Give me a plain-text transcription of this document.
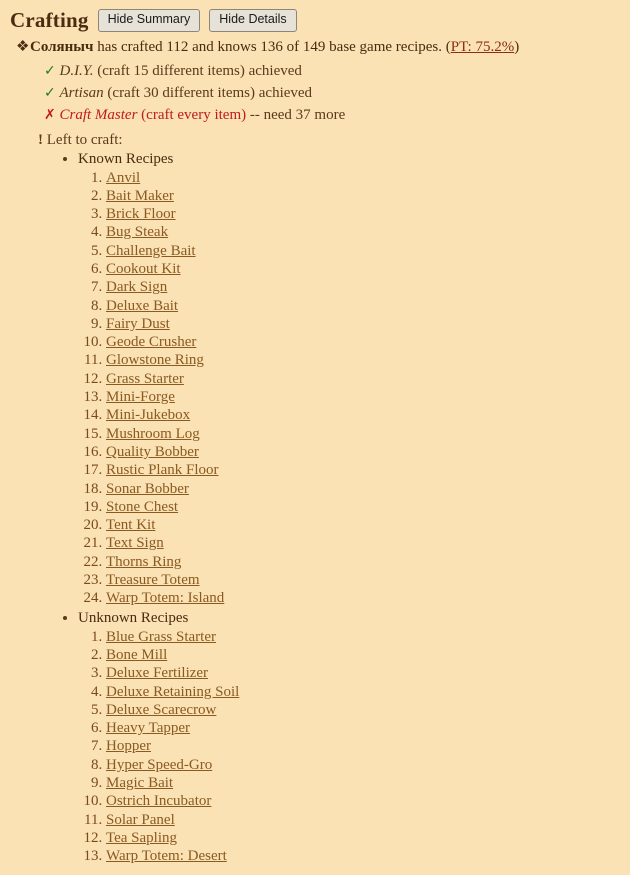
Crafting	Hide Summary	Hide Details
❖Соляныч has crafted 112 and knows 136 of 149 base game recipes. (PT: 75.2%)
✓ D.I.Y. (craft 15 different items) achieved
✓ Artisan (craft 30 different items) achieved
✗ Craft Master (craft every item) -- need 37 more
! Left to craft:
• Known Recipes
1. Anvil
2. Bait Maker
3. Brick Floor
4. Bug Steak
5. Challenge Bait
6. Cookout Kit
7. Dark Sign
8. Deluxe Bait
9. Fairy Dust
10. Geode Crusher
11. Glowstone Ring
12. Grass Starter
13. Mini-Forge
14. Mini-Jukebox
15. Mushroom Log
16. Quality Bobber
17. Rustic Plank Floor
18. Sonar Bobber
19. Stone Chest
20. Tent Kit
21. Text Sign
22. Thorns Ring
23. Treasure Totem
24. Warp Totem: Island
• Unknown Recipes
1. Blue Grass Starter
2. Bone Mill
3. Deluxe Fertilizer
4. Deluxe Retaining Soil
5. Deluxe Scarecrow
6. Heavy Tapper
7. Hopper
8. Hyper Speed-Gro
9. Magic Bait
10. Ostrich Incubator
11. Solar Panel
12. Tea Sapling
13. Warp Totem: Desert
